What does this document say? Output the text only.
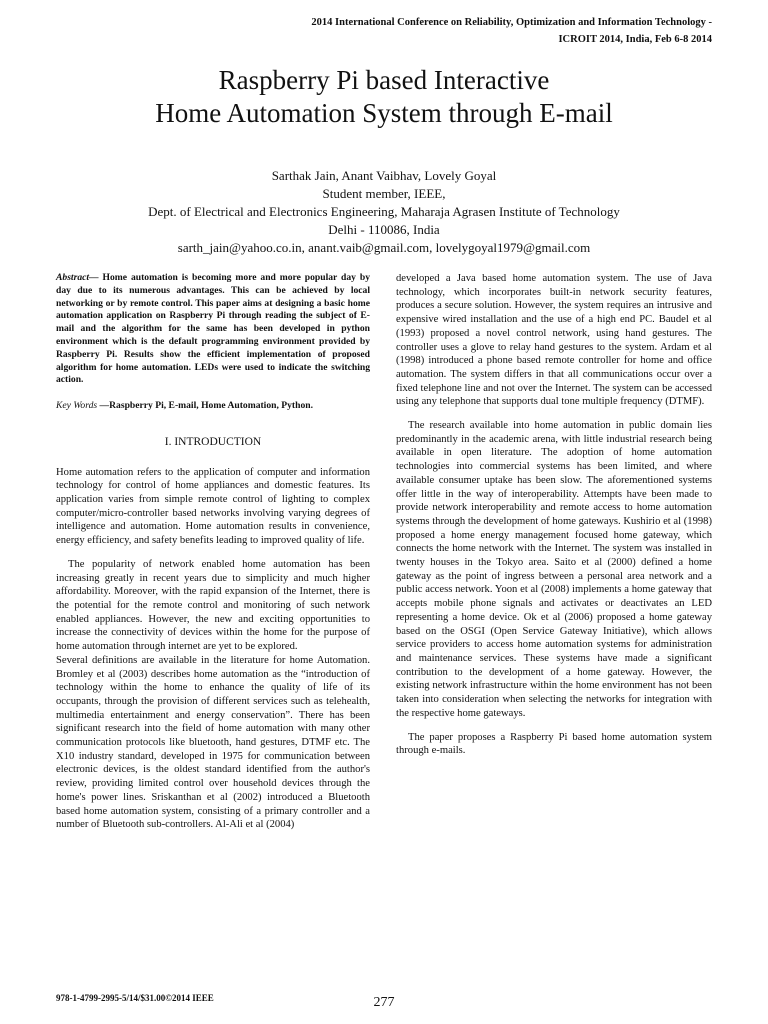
2014 International Conference on Reliability, Optimization and Information Technology -
ICROIT 2014, India, Feb 6-8 2014
Raspberry Pi based Interactive
Home Automation System through E-mail
Sarthak Jain, Anant Vaibhav, Lovely Goyal
Student member, IEEE,
Dept. of Electrical and Electronics Engineering, Maharaja Agrasen Institute of Technology
Delhi - 110086, India
sarth_jain@yahoo.co.in, anant.vaib@gmail.com, lovelygoyal1979@gmail.com

Abstract— Home automation is becoming more and more popular day by day due to its numerous advantages. This can be achieved by local networking or by remote control. This paper aims at designing a basic home automation application on Raspberry Pi through reading the subject of E-mail and the algorithm for the same has been developed in python environment which is the default programming environment provided by Raspberry Pi. Results show the efficient implementation of proposed algorithm for home automation. LEDs were used to indicate the switching action.

Key Words —Raspberry Pi, E-mail, Home Automation, Python.

I. INTRODUCTION

Home automation refers to the application of computer and information technology for control of home appliances and domestic features. Its application varies from simple remote control of lighting to complex computer/micro-controller based networks involving varying degrees of intelligence and automation. Home automation results in convenience, energy efficiency, and safety benefits leading to improved quality of life.

The popularity of network enabled home automation has been increasing greatly in recent years due to simplicity and much higher affordability. Moreover, with the rapid expansion of the Internet, there is the potential for the remote control and monitoring of such network enabled appliances. However, the new and exciting opportunities to increase the connectivity of devices within the home for the purpose of home automation through internet are yet to be explored.

Several definitions are available in the literature for home Automation. Bromley et al (2003) describes home automation as the “introduction of technology within the home to enhance the quality of life of its occupants, through the provision of different services such as telehealth, multimedia entertainment and energy conservation”. There has been significant research into the field of home automation with many other communication protocols like bluetooth, hand gestures, DTMF etc. The X10 industry standard, developed in 1975 for communication between electronic devices, is the oldest standard identified from the author's review, providing limited control over household devices through the home's power lines. Sriskanthan et al (2002) introduced a Bluetooth based home automation system, consisting of a primary controller and a number of Bluetooth sub-controllers. Al-Ali et al (2004)

developed a Java based home automation system. The use of Java technology, which incorporates built-in network security features, produces a secure solution. However, the system requires an intrusive and expensive wired installation and the use of a high end PC. Baudel et al (1993) proposed a novel control network, using hand gestures. The controller uses a glove to relay hand gestures to the system. Ardam et al (1998) introduced a phone based remote controller for home and office automation. The system differs in that all communications occur over a fixed telephone line and not over the Internet. The system can be accessed using any telephone that supports dual tone multiple frequency (DTMF).

The research available into home automation in public domain lies predominantly in the academic arena, with little industrial research being available in open literature. The adoption of home automation technologies into commercial systems has been limited, and where available consumer uptake has been slow. The aforementioned systems offer little in the way of interoperability. Attempts have been made to provide network interoperability and remote access to home automation systems through the development of home gateways. Kushirio et al (1998) proposed a home energy management focused home gateway, which connects the home network with the Internet. The system was installed in twenty houses in the Tokyo area. Saito et al (2000) defined a home gateway as the point of ingress between a personal area network and a public access network. Yoon et al (2008) implements a home gateway that accepts mobile phone signals and activates or deactivates an LED representing a home device. Ok et al (2006) proposed a home gateway based on the OSGI (Open Service Gateway Initiative), which allows service providers to access home automation systems for administration and maintenance services. These systems have made a significant contribution to the development of a home gateway. However, the existing network infrastructure within the home environment has not been taken into consideration when selecting the networks for integration with the respective home gateways.

The paper proposes a Raspberry Pi based home automation system through e-mails.

978-1-4799-2995-5/14/$31.00©2014 IEEE	277
